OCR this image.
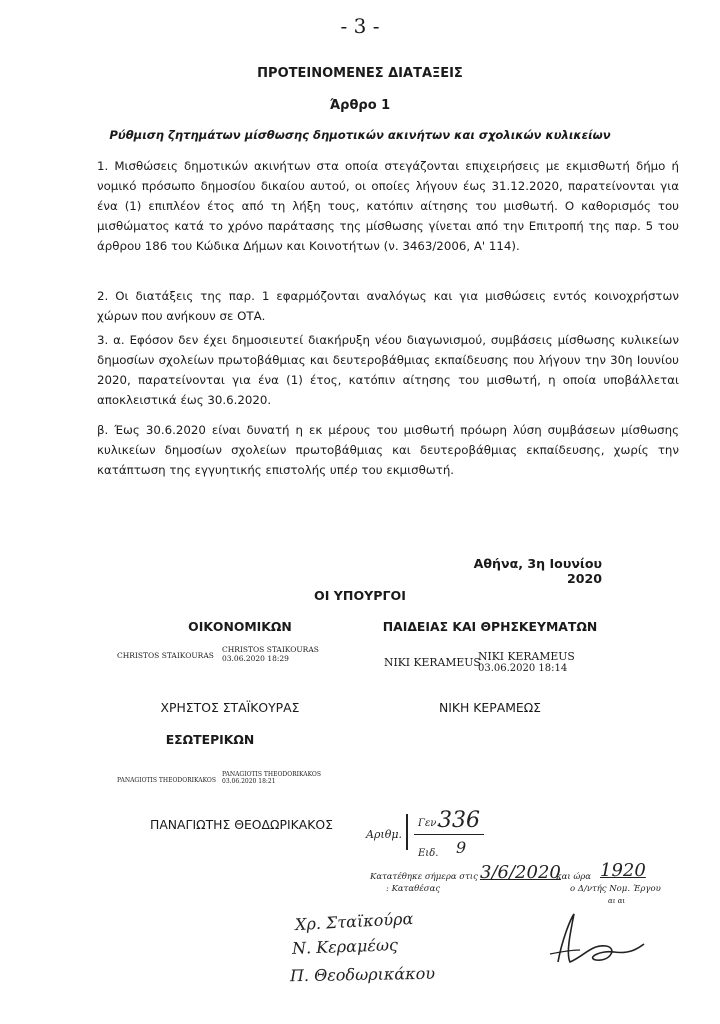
- 3 -
ΠΡΟΤΕΙΝΟΜΕΝΕΣ ΔΙΑΤΑΞΕΙΣ
Άρθρο 1
Ρύθμιση ζητημάτων μίσθωσης δημοτικών ακινήτων και σχολικών κυλικείων
1. Μισθώσεις δημοτικών ακινήτων στα οποία στεγάζονται επιχειρήσεις με εκμισθωτή δήμο ή νομικό πρόσωπο δημοσίου δικαίου αυτού, οι οποίες λήγουν έως 31.12.2020, παρατείνονται για ένα (1) επιπλέον έτος από τη λήξη τους, κατόπιν αίτησης του μισθωτή. Ο καθορισμός του μισθώματος κατά το χρόνο παράτασης της μίσθωσης γίνεται από την Επιτροπή της παρ. 5 του άρθρου 186 του Κώδικα Δήμων και Κοινοτήτων (ν. 3463/2006, Α' 114).
2. Οι διατάξεις της παρ. 1 εφαρμόζονται αναλόγως και για μισθώσεις εντός κοινοχρήστων χώρων που ανήκουν σε ΟΤΑ.
3. α. Εφόσον δεν έχει δημοσιευτεί διακήρυξη νέου διαγωνισμού, συμβάσεις μίσθωσης κυλικείων δημοσίων σχολείων πρωτοβάθμιας και δευτεροβάθμιας εκπαίδευσης που λήγουν την 30η Ιουνίου 2020, παρατείνονται για ένα (1) έτος, κατόπιν αίτησης του μισθωτή, η οποία υποβάλλεται αποκλειστικά έως 30.6.2020.
β. Έως 30.6.2020 είναι δυνατή η εκ μέρους του μισθωτή πρόωρη λύση συμβάσεων μίσθωσης κυλικείων δημοσίων σχολείων πρωτοβάθμιας και δευτεροβάθμιας εκπαίδευσης, χωρίς την κατάπτωση της εγγυητικής επιστολής υπέρ του εκμισθωτή.
Αθήνα, 3η Ιουνίου 2020
ΟΙ ΥΠΟΥΡΓΟΙ
ΟΙΚΟΝΟΜΙΚΩΝ
CHRISTOS STAIKOURAS
CHRISTOS STAIKOURAS
03.06.2020 18:29
ΧΡΗΣΤΟΣ ΣΤΑΪΚΟΥΡΑΣ
ΠΑΙΔΕΙΑΣ ΚΑΙ ΘΡΗΣΚΕΥΜΑΤΩΝ
NIKI KERAMEUS
NIKI KERAMEUS
03.06.2020 18:14
ΝΙΚΗ ΚΕΡΑΜΕΩΣ
ΕΣΩΤΕΡΙΚΩΝ
PANAGIOTIS THEODORIKAKOS
PANAGIOTIS THEODORIKAKOS
03.06.2020 18:21
ΠΑΝΑΓΙΩΤΗΣ ΘΕΟΔΩΡΙΚΑΚΟΣ
Αριθμ.
Γεν.
336
Ειδ. 9
Κατατέθηκε σήμερα στις 3/6/2020
και ώρα 1920
: Καταθέσας	ο Δ/ντής Νομ. Έργου
αι αι
Χρ. Σταϊκούρα
Ν. Κεραμέως
Π. Θεοδωρικάκου
